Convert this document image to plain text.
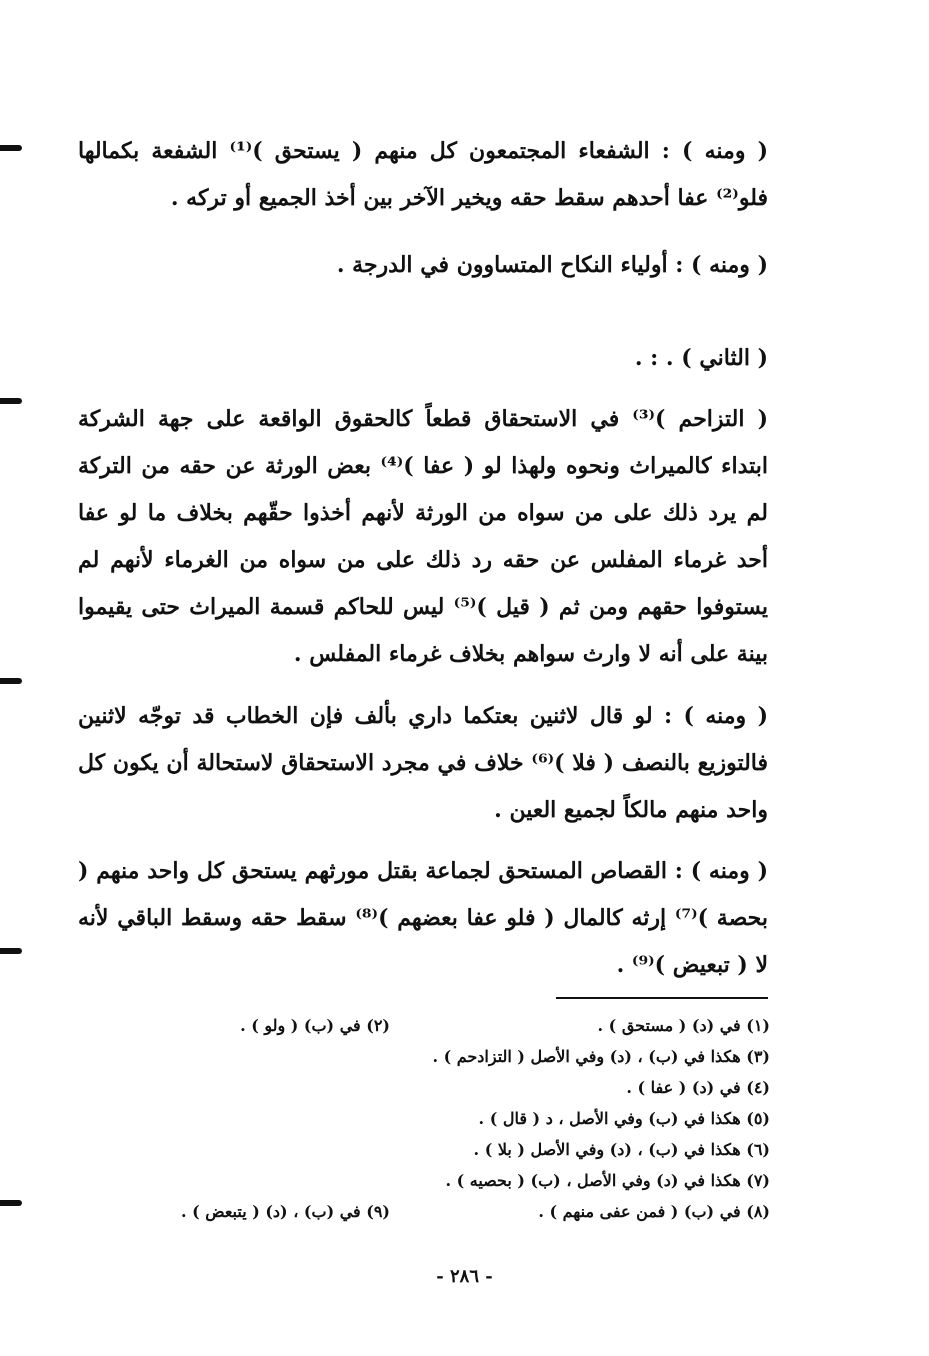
( ومنه ) : الشفعاء المجتمعون كل منهم ( يستحق )⁽¹⁾ الشفعة بكمالها فلو⁽²⁾ عفا أحدهم سقط حقه ويخير الآخر بين أخذ الجميع أو تركه .
( ومنه ) : أولياء النكاح المتساوون في الدرجة .
( الثاني ) . : .
( التزاحم )⁽³⁾ في الاستحقاق قطعاً كالحقوق الواقعة على جهة الشركة ابتداء كالميراث ونحوه ولهذا لو ( عفا )⁽⁴⁾ بعض الورثة عن حقه من التركة لم يرد ذلك على من سواه من الورثة لأنهم أخذوا حقّهم بخلاف ما لو عفا أحد غرماء المفلس عن حقه رد ذلك على من سواه من الغرماء لأنهم لم يستوفوا حقهم ومن ثم ( قيل )⁽⁵⁾ ليس للحاكم قسمة الميراث حتى يقيموا بينة على أنه لا وارث سواهم بخلاف غرماء المفلس .
( ومنه ) : لو قال لاثنين بعتكما داري بألف فإن الخطاب قد توجّه لاثنين فالتوزيع بالنصف ( فلا )⁽⁶⁾ خلاف في مجرد الاستحقاق لاستحالة أن يكون كل واحد منهم مالكاً لجميع العين .
( ومنه ) : القصاص المستحق لجماعة بقتل مورثهم يستحق كل واحد منهم ( بحصة )⁽⁷⁾ إرثه كالمال ( فلو عفا بعضهم )⁽⁸⁾ سقط حقه وسقط الباقي لأنه لا ( تبعيض )⁽⁹⁾ .
(١) في (د) ( مستحق ) .
(٢) في (ب) ( ولو ) .
(٣) هكذا في (ب) ، (د) وفي الأصل ( التزادحم ) .
(٤) في (د) ( عفا ) .
(٥) هكذا في (ب) وفي الأصل ، د ( قال ) .
(٦) هكذا في (ب) ، (د) وفي الأصل ( بلا ) .
(٧) هكذا في (د) وفي الأصل ، (ب) ( بحصيه ) .
(٨) في (ب) ( فمن عفى منهم ) .
(٩) في (ب) ، (د) ( يتبعض ) .
- ٢٨٦ -
